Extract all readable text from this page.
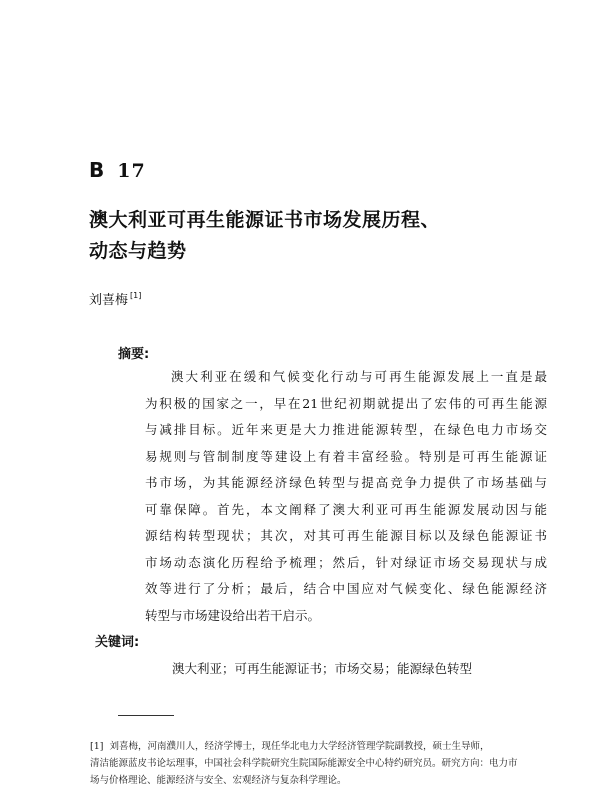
B 17
澳大利亚可再生能源证书市场发展历程、
动态与趋势
刘喜梅 [1]
摘要:
澳大利亚在缓和气候变化行动与可再生能源发展上一直是最
为积极的国家之一，早在21世纪初期就提出了宏伟的可再生能源
与减排目标。近年来更是大力推进能源转型，在绿色电力市场交
易规则与管制制度等建设上有着丰富经验。特别是可再生能源证
书市场，为其能源经济绿色转型与提高竞争力提供了市场基础与
可靠保障。首先，本文阐释了澳大利亚可再生能源发展动因与能
源结构转型现状；其次，对其可再生能源目标以及绿色能源证书
市场动态演化历程给予梳理；然后，针对绿证市场交易现状与成
效等进行了分析；最后，结合中国应对气候变化、绿色能源经济
转型与市场建设给出若干启示。
关键词:
澳大利亚；可再生能源证书；市场交易；能源绿色转型
[1] 刘喜梅，河南濮川人，经济学博士，现任华北电力大学经济管理学院副教授，硕士生导师，
清洁能源蓝皮书论坛理事，中国社会科学院研究生院国际能源安全中心特约研究员。研究方向：电力市
场与价格理论、能源经济与安全、宏观经济与复杂科学理论。
